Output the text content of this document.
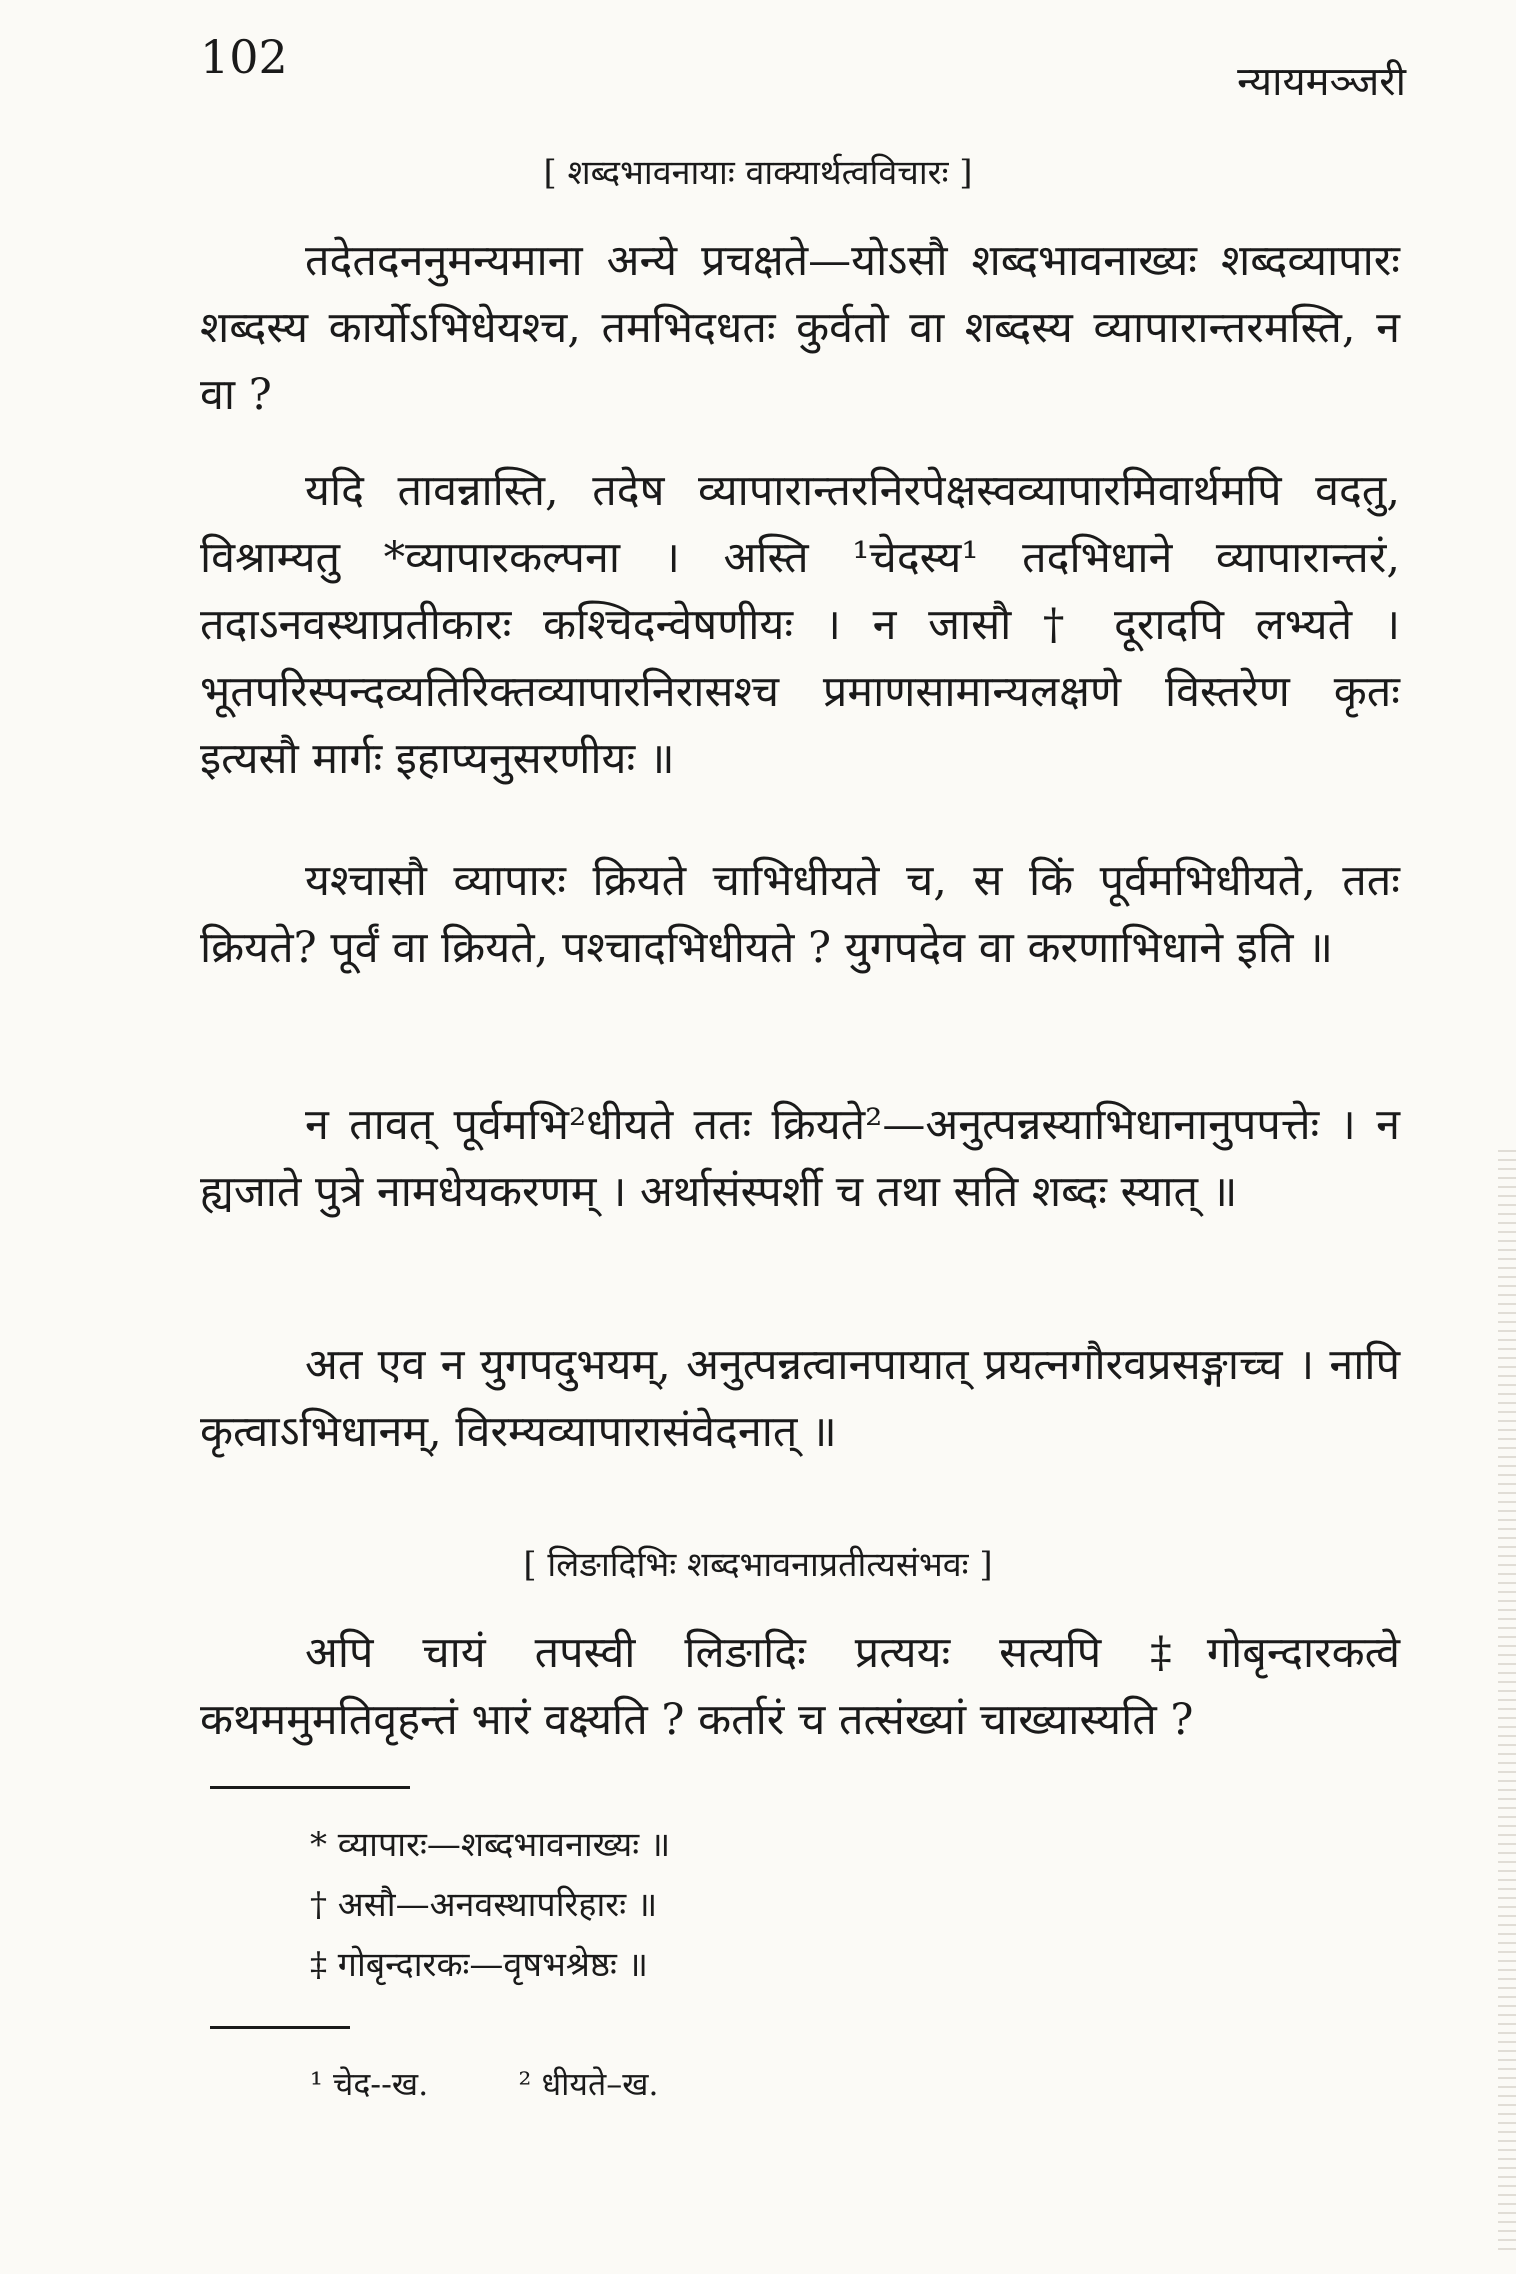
102	न्यायमञ्जरी
[ शब्दभावनायाः वाक्यार्थत्वविचारः ]

तदेतदननुमन्यमाना अन्ये प्रचक्षते—योऽसौ शब्दभावनाख्यः शब्दव्यापारः शब्दस्य कार्योऽभिधेयश्च, तमभिदधतः कुर्वतो वा शब्दस्य व्यापारान्तरमस्ति, न वा ?

यदि तावन्नास्ति, तदेष व्यापारान्तरनिरपेक्षस्वव्यापारमिवार्थमपि वदतु, विश्राम्यतु *व्यापारकल्पना । अस्ति ¹चेदस्य¹ तदभिधाने व्यापारान्तरं, तदाऽनवस्थाप्रतीकारः कश्चिदन्वेषणीयः । न जासौ † दूरादपि लभ्यते । भूतपरिस्पन्दव्यतिरिक्तव्यापारनिरासश्च प्रमाणसामान्यलक्षणे विस्तरेण कृतः इत्यसौ मार्गः इहाप्यनुसरणीयः ॥

यश्चासौ व्यापारः क्रियते चाभिधीयते च, स किं पूर्वमभिधीयते, ततः क्रियते? पूर्वं वा क्रियते, पश्चादभिधीयते ? युगपदेव वा करणाभिधाने इति ॥

न तावत् पूर्वमभि²धीयते ततः क्रियते²—अनुत्पन्नस्याभिधानानुपपत्तेः । न ह्यजाते पुत्रे नामधेयकरणम् । अर्थासंस्पर्शी च तथा सति शब्दः स्यात् ॥

अत एव न युगपदुभयम्, अनुत्पन्नत्वानपायात् प्रयत्नगौरवप्रसङ्गाच्च । नापि कृत्वाऽभिधानम्, विरम्यव्यापारासंवेदनात् ॥

[ लिङादिभिः शब्दभावनाप्रतीत्यसंभवः ]

अपि चायं तपस्वी लिङादिः प्रत्ययः सत्यपि ‡गोबृन्दारकत्वे कथममुमतिवृहन्तं भारं वक्ष्यति ? कर्तारं च तत्संख्यां चाख्यास्यति ?

* व्यापारः—शब्दभावनाख्यः ॥
† असौ—अनवस्थापरिहारः ॥
‡ गोबृन्दारकः—वृषभश्रेष्ठः ॥
¹ चेद--ख.	² धीयते–ख.
